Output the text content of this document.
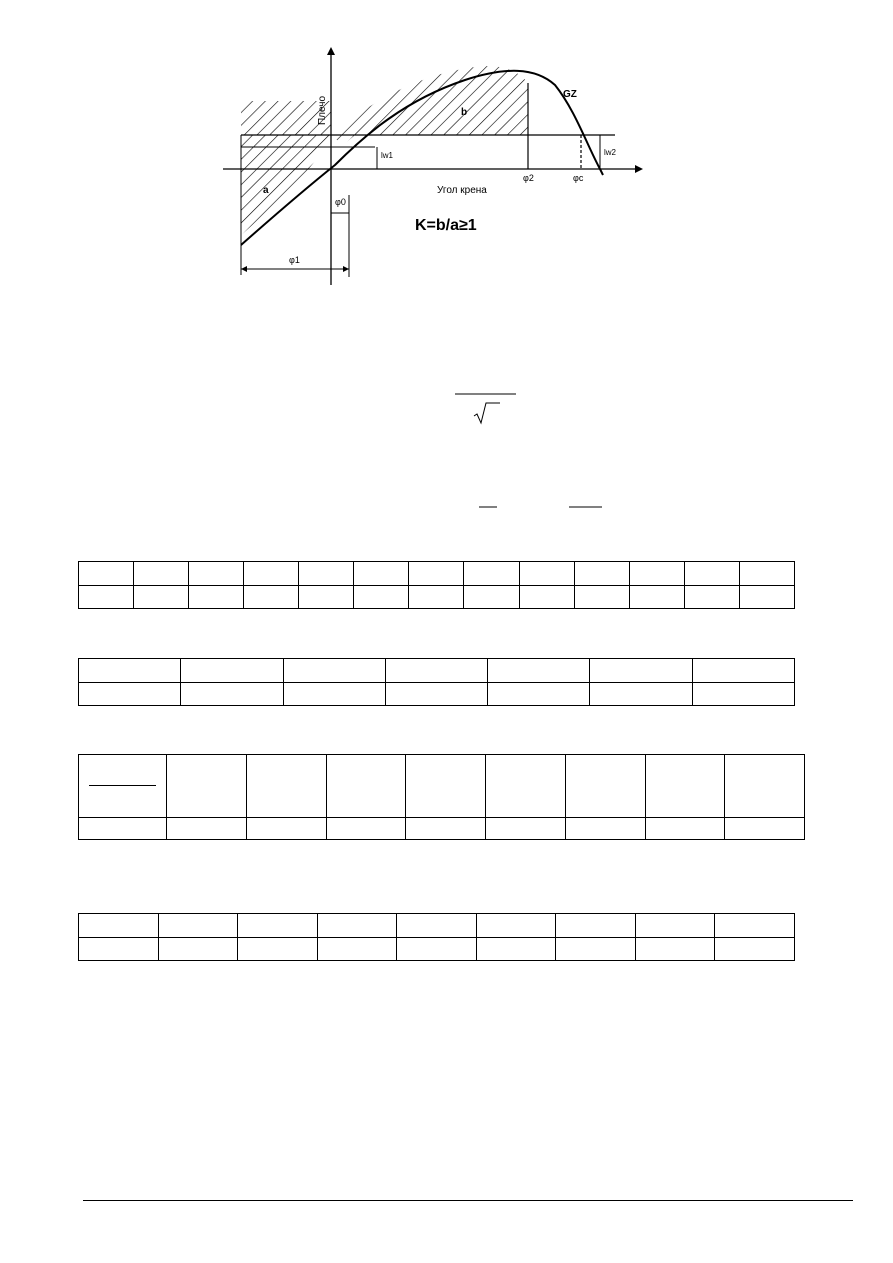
Плечо
Угол крена
GZ
b
a
lw1	lw2
φ0
φ1
φ2	φc
K=b/a≥1
